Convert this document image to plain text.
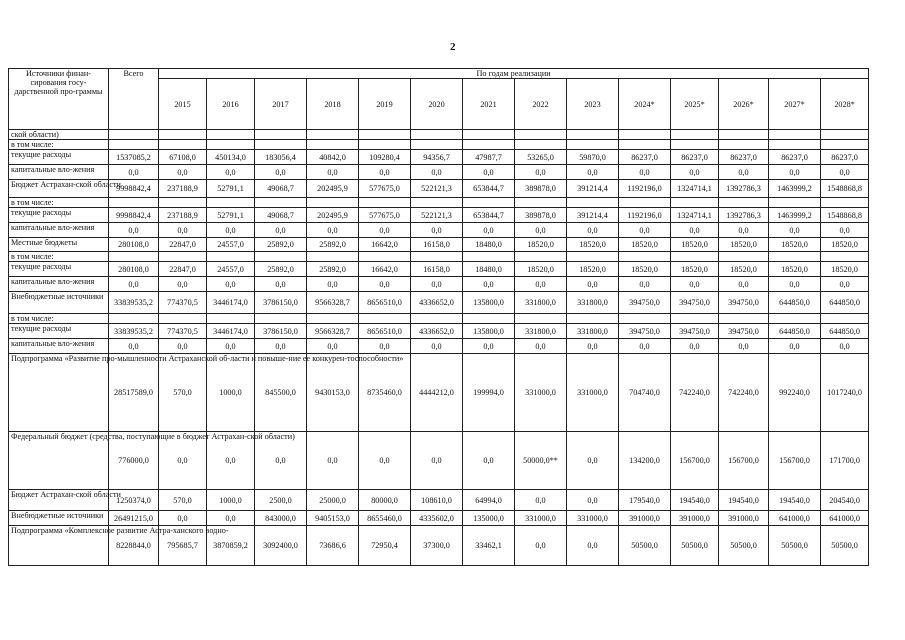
2
Источники финан-сирования госу-дарственной про-граммы	Всего	По годам реализации													
		2015	2016	2017	2018	2019	2020	2021	2022	2023	2024*	2025*	2026*	2027*	2028*
ской области)															
в том числе:															
текущие расходы	1537085,2	67108,0	450134,0	183056,4	40842,0	109280,4	94356,7	47987,7	53265,0	59870,0	86237,0	86237,0	86237,0	86237,0	86237,0
капитальные вло-жения	0,0	0,0	0,0	0,0	0,0	0,0	0,0	0,0	0,0	0,0	0,0	0,0	0,0	0,0	0,0
Бюджет Астрахан-ской области	9998842,4	237188,9	52791,1	49068,7	202495,9	577675,0	522121,3	653844,7	389878,0	391214,4	1192196,0	1324714,1	1392786,3	1463999,2	1548868,8
в том числе:															
текущие расходы	9998842,4	237188,9	52791,1	49068,7	202495,9	577675,0	522121,3	653844,7	389878,0	391214,4	1192196,0	1324714,1	1392786,3	1463999,2	1548868,8
капитальные вло-жения	0,0	0,0	0,0	0,0	0,0	0,0	0,0	0,0	0,0	0,0	0,0	0,0	0,0	0,0	0,0
Местные бюджеты	280108,0	22847,0	24557,0	25892,0	25892,0	16642,0	16158,0	18480,0	18520,0	18520,0	18520,0	18520,0	18520,0	18520,0	18520,0
в том числе:															
текущие расходы	280108,0	22847,0	24557,0	25892,0	25892,0	16642,0	16158,0	18480,0	18520,0	18520,0	18520,0	18520,0	18520,0	18520,0	18520,0
капитальные вло-жения	0,0	0,0	0,0	0,0	0,0	0,0	0,0	0,0	0,0	0,0	0,0	0,0	0,0	0,0	0,0
Внебюджетные источники	33839535,2	774370,5	3446174,0	3786150,0	9566328,7	8656510,0	4336652,0	135800,0	331800,0	331800,0	394750,0	394750,0	394750,0	644850,0	644850,0
в том числе:															
текущие расходы	33839535,2	774370,5	3446174,0	3786150,0	9566328,7	8656510,0	4336652,0	135800,0	331800,0	331800,0	394750,0	394750,0	394750,0	644850,0	644850,0
капитальные вло-жения	0,0	0,0	0,0	0,0	0,0	0,0	0,0	0,0	0,0	0,0	0,0	0,0	0,0	0,0	0,0
Подпрограмма «Развитие про-мышленности Астраханской об-ласти и повыше-ние ее конкурен-тоспособности»	28517589,0	570,0	1000,0	845500,0	9430153,0	8735460,0	4444212,0	199994,0	331000,0	331000,0	704740,0	742240,0	742240,0	992240,0	1017240,0
Федеральный бюджет (средства, поступающие в бюджет Астрахан-ской области)	776000,0	0,0	0,0	0,0	0,0	0,0	0,0	0,0	50000,0**	0,0	134200,0	156700,0	156700,0	156700,0	171700,0
Бюджет Астрахан-ской области	1250374,0	570,0	1000,0	2500,0	25000,0	80000,0	108610,0	64994,0	0,0	0,0	179540,0	194540,0	194540,0	194540,0	204540,0
Внебюджетные источники	26491215,0	0,0	0,0	843000,0	9405153,0	8655460,0	4335602,0	135000,0	331000,0	331000,0	391000,0	391000,0	391000,0	641000,0	641000,0
Подпрограмма «Комплексное развитие Астра-ханского водно-	8228844,0	795685,7	3870859,2	3092400,0	73686,6	72950,4	37300,0	33462,1	0,0	0,0	50500,0	50500,0	50500,0	50500,0	50500,0
